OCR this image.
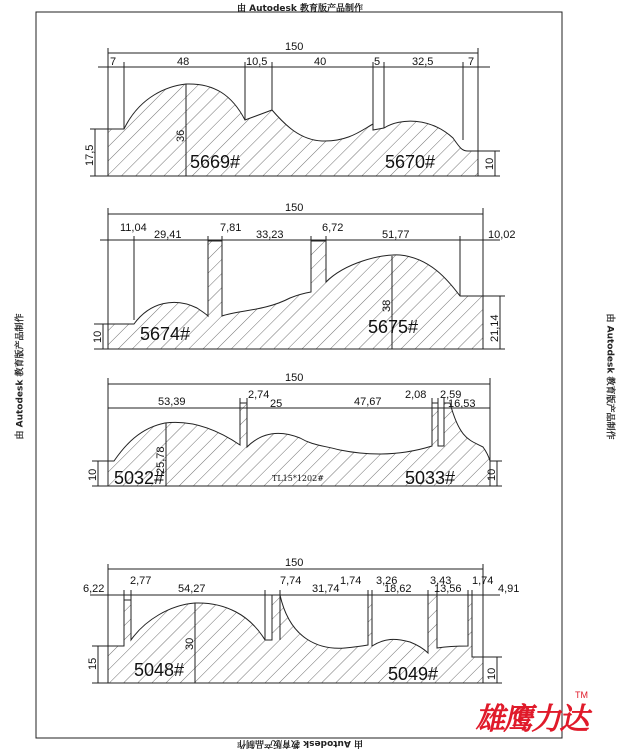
由 Autodesk 教育版产品制作
由 Autodesk 教育版产品制作
由 Autodesk 教育版产品制作	由 Autodesk 教育版产品制作
150
7	48	10,5	40	5	32,5	7
17,5	10
36
5669#	5670#
150
11,04
29,41
7,81
33,23
6,72
51,77	10,02
10	21,14
38
5674#	5675#
150
53,39
2,74
25	47,67
2,08 2,59
16,53
10	10
25,78
5032#	5033#
TL15*1202#
150
6,22
2,77
54,27
7,74	1,74
31,74
3,26
18,62
3,43
13,56
1,74
4,91
15
10
30
5048#	5049#
雄鹰力达
TM
